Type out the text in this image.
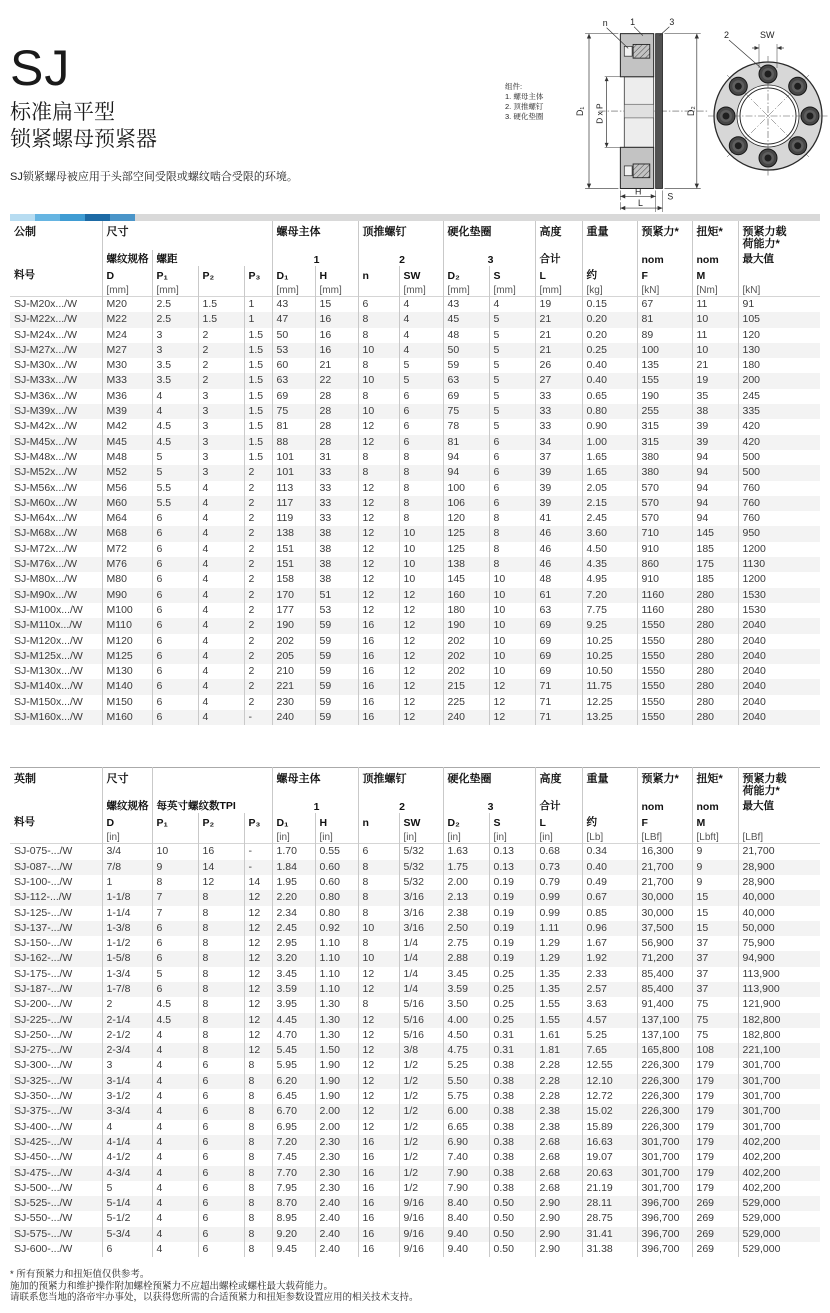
SJ
标准扁平型
锁紧螺母预紧器
SJ锁紧螺母被应用于头部空间受限或螺纹啮合受限的环境。
组件:
1. 螺母主体
2. 顶推螺钉
3. 硬化垫圈
D₁	D₂
D x P
n	1	3
H	S
L
SW
2
公制	尺寸				螺母主体		顶推螺钉		硬化垫圈		高度	重量	预紧力*	扭矩*	预紧力载
荷能力*

	螺纹规格	螺距			1		2		3		合计		nom	nom	最大值
料号	D	P₁	P₂	P₃	D₁	H	n	SW	D₂	S	L	约	F	M	
	[mm]	[mm]			[mm]	[mm]		[mm]	[mm]	[mm]	[mm]	[kg]	[kN]	[Nm]	[kN]
SJ-M20x.../W	M20	2.5	1.5	1	43	15	6	4	43	4	19	0.15	67	11	91
SJ-M22x.../W	M22	2.5	1.5	1	47	16	8	4	45	5	21	0.20	81	10	105
SJ-M24x.../W	M24	3	2	1.5	50	16	8	4	48	5	21	0.20	89	11	120
SJ-M27x.../W	M27	3	2	1.5	53	16	10	4	50	5	21	0.25	100	10	130
SJ-M30x.../W	M30	3.5	2	1.5	60	21	8	5	59	5	26	0.40	135	21	180
SJ-M33x.../W	M33	3.5	2	1.5	63	22	10	5	63	5	27	0.40	155	19	200
SJ-M36x.../W	M36	4	3	1.5	69	28	8	6	69	5	33	0.65	190	35	245
SJ-M39x.../W	M39	4	3	1.5	75	28	10	6	75	5	33	0.80	255	38	335
SJ-M42x.../W	M42	4.5	3	1.5	81	28	12	6	78	5	33	0.90	315	39	420
SJ-M45x.../W	M45	4.5	3	1.5	88	28	12	6	81	6	34	1.00	315	39	420
SJ-M48x.../W	M48	5	3	1.5	101	31	8	8	94	6	37	1.65	380	94	500
SJ-M52x.../W	M52	5	3	2	101	33	8	8	94	6	39	1.65	380	94	500
SJ-M56x.../W	M56	5.5	4	2	113	33	12	8	100	6	39	2.05	570	94	760
SJ-M60x.../W	M60	5.5	4	2	117	33	12	8	106	6	39	2.15	570	94	760
SJ-M64x.../W	M64	6	4	2	119	33	12	8	120	8	41	2.45	570	94	760
SJ-M68x.../W	M68	6	4	2	138	38	12	10	125	8	46	3.60	710	145	950
SJ-M72x.../W	M72	6	4	2	151	38	12	10	125	8	46	4.50	910	185	1200
SJ-M76x.../W	M76	6	4	2	151	38	12	10	138	8	46	4.35	860	175	1130
SJ-M80x.../W	M80	6	4	2	158	38	12	10	145	10	48	4.95	910	185	1200
SJ-M90x.../W	M90	6	4	2	170	51	12	12	160	10	61	7.20	1160	280	1530
SJ-M100x.../W	M100	6	4	2	177	53	12	12	180	10	63	7.75	1160	280	1530
SJ-M110x.../W	M110	6	4	2	190	59	16	12	190	10	69	9.25	1550	280	2040
SJ-M120x.../W	M120	6	4	2	202	59	16	12	202	10	69	10.25	1550	280	2040
SJ-M125x.../W	M125	6	4	2	205	59	16	12	202	10	69	10.25	1550	280	2040
SJ-M130x.../W	M130	6	4	2	210	59	16	12	202	10	69	10.50	1550	280	2040
SJ-M140x.../W	M140	6	4	2	221	59	16	12	215	12	71	11.75	1550	280	2040
SJ-M150x.../W	M150	6	4	2	230	59	16	12	225	12	71	12.25	1550	280	2040
SJ-M160x.../W	M160	6	4	-	240	59	16	12	240	12	71	13.25	1550	280	2040
英制	尺寸				螺母主体		顶推螺钉		硬化垫圈		高度	重量	预紧力*	扭矩*	预紧力载
荷能力*

	螺纹规格	每英寸螺纹数TPI			1		2		3		合计		nom	nom	最大值
料号	D	P₁	P₂	P₃	D₁	H	n	SW	D₂	S	L	约	F	M	
	[in]				[in]	[in]		[in]	[in]	[in]	[in]	[Lb]	[LBf]	[Lbft]	[LBf]
SJ-075-.../W	3/4	10	16	-	1.70	0.55	6	5/32	1.63	0.13	0.68	0.34	16,300	9	21,700
SJ-087-.../W	7/8	9	14	-	1.84	0.60	8	5/32	1.75	0.13	0.73	0.40	21,700	9	28,900
SJ-100-.../W	1	8	12	14	1.95	0.60	8	5/32	2.00	0.19	0.79	0.49	21,700	9	28,900
SJ-112-.../W	1-1/8	7	8	12	2.20	0.80	8	3/16	2.13	0.19	0.99	0.67	30,000	15	40,000
SJ-125-.../W	1-1/4	7	8	12	2.34	0.80	8	3/16	2.38	0.19	0.99	0.85	30,000	15	40,000
SJ-137-.../W	1-3/8	6	8	12	2.45	0.92	10	3/16	2.50	0.19	1.11	0.96	37,500	15	50,000
SJ-150-.../W	1-1/2	6	8	12	2.95	1.10	8	1/4	2.75	0.19	1.29	1.67	56,900	37	75,900
SJ-162-.../W	1-5/8	6	8	12	3.20	1.10	10	1/4	2.88	0.19	1.29	1.92	71,200	37	94,900
SJ-175-.../W	1-3/4	5	8	12	3.45	1.10	12	1/4	3.45	0.25	1.35	2.33	85,400	37	113,900
SJ-187-.../W	1-7/8	6	8	12	3.59	1.10	12	1/4	3.59	0.25	1.35	2.57	85,400	37	113,900
SJ-200-.../W	2	4.5	8	12	3.95	1.30	8	5/16	3.50	0.25	1.55	3.63	91,400	75	121,900
SJ-225-.../W	2-1/4	4.5	8	12	4.45	1.30	12	5/16	4.00	0.25	1.55	4.57	137,100	75	182,800
SJ-250-.../W	2-1/2	4	8	12	4.70	1.30	12	5/16	4.50	0.31	1.61	5.25	137,100	75	182,800
SJ-275-.../W	2-3/4	4	8	12	5.45	1.50	12	3/8	4.75	0.31	1.81	7.65	165,800	108	221,100
SJ-300-.../W	3	4	6	8	5.95	1.90	12	1/2	5.25	0.38	2.28	12.55	226,300	179	301,700
SJ-325-.../W	3-1/4	4	6	8	6.20	1.90	12	1/2	5.50	0.38	2.28	12.10	226,300	179	301,700
SJ-350-.../W	3-1/2	4	6	8	6.45	1.90	12	1/2	5.75	0.38	2.28	12.72	226,300	179	301,700
SJ-375-.../W	3-3/4	4	6	8	6.70	2.00	12	1/2	6.00	0.38	2.38	15.02	226,300	179	301,700
SJ-400-.../W	4	4	6	8	6.95	2.00	12	1/2	6.65	0.38	2.38	15.89	226,300	179	301,700
SJ-425-.../W	4-1/4	4	6	8	7.20	2.30	16	1/2	6.90	0.38	2.68	16.63	301,700	179	402,200
SJ-450-.../W	4-1/2	4	6	8	7.45	2.30	16	1/2	7.40	0.38	2.68	19.07	301,700	179	402,200
SJ-475-.../W	4-3/4	4	6	8	7.70	2.30	16	1/2	7.90	0.38	2.68	20.63	301,700	179	402,200
SJ-500-.../W	5	4	6	8	7.95	2.30	16	1/2	7.90	0.38	2.68	21.19	301,700	179	402,200
SJ-525-.../W	5-1/4	4	6	8	8.70	2.40	16	9/16	8.40	0.50	2.90	28.11	396,700	269	529,000
SJ-550-.../W	5-1/2	4	6	8	8.95	2.40	16	9/16	8.40	0.50	2.90	28.75	396,700	269	529,000
SJ-575-.../W	5-3/4	4	6	8	9.20	2.40	16	9/16	9.40	0.50	2.90	31.41	396,700	269	529,000
SJ-600-.../W	6	4	6	8	9.45	2.40	16	9/16	9.40	0.50	2.90	31.38	396,700	269	529,000

* 所有预紧力和扭矩值仅供参考。

施加的预紧力和维护操作附加螺栓预紧力不应超出螺栓或螺柱最大载荷能力。

请联系您当地的洛帝牢办事处，以获得您所需的合适预紧力和扭矩参数设置应用的相关技术支持。
